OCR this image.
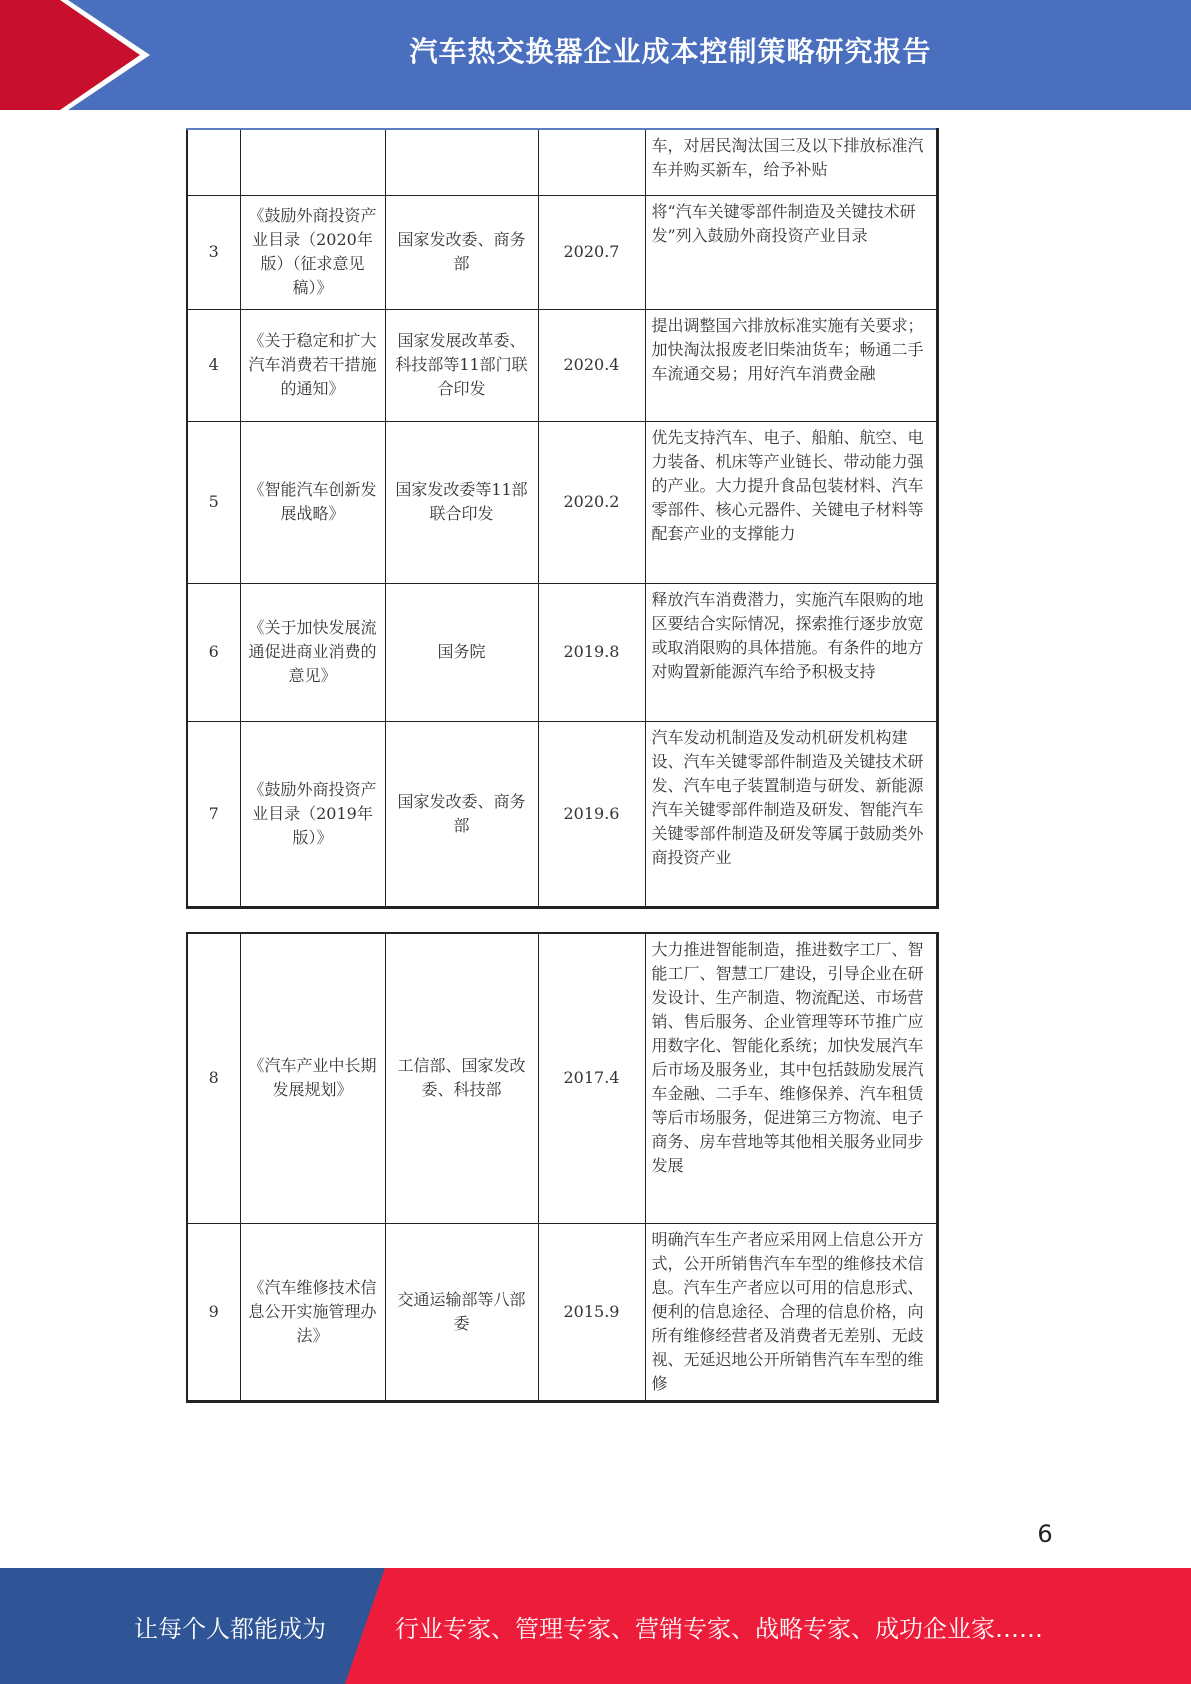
汽车热交换器企业成本控制策略研究报告
				车，对居民淘汰国三及以下排放标准汽车并购买新车，给予补贴
3	《鼓励外商投资产业目录（2020年版）（征求意见稿）》	国家发改委、商务部	2020.7	将“汽车关键零部件制造及关键技术研发”列入鼓励外商投资产业目录
4	《关于稳定和扩大汽车消费若干措施的通知》	国家发展改革委、科技部等11部门联合印发	2020.4	提出调整国六排放标准实施有关要求；加快淘汰报废老旧柴油货车；畅通二手车流通交易；用好汽车消费金融
5	《智能汽车创新发展战略》	国家发改委等11部联合印发	2020.2	优先支持汽车、电子、船舶、航空、电力装备、机床等产业链长、带动能力强的产业。大力提升食品包装材料、汽车零部件、核心元器件、关键电子材料等配套产业的支撑能力
6	《关于加快发展流通促进商业消费的意见》	国务院	2019.8	释放汽车消费潜力，实施汽车限购的地区要结合实际情况，探索推行逐步放宽或取消限购的具体措施。有条件的地方对购置新能源汽车给予积极支持
7	《鼓励外商投资产业目录（2019年版）》	国家发改委、商务部	2019.6	汽车发动机制造及发动机研发机构建设、汽车关键零部件制造及关键技术研发、汽车电子装置制造与研发、新能源汽车关键零部件制造及研发、智能汽车关键零部件制造及研发等属于鼓励类外商投资产业
8	《汽车产业中长期发展规划》	工信部、国家发改委、科技部	2017.4	大力推进智能制造，推进数字工厂、智能工厂、智慧工厂建设，引导企业在研发设计、生产制造、物流配送、市场营销、售后服务、企业管理等环节推广应用数字化、智能化系统；加快发展汽车后市场及服务业，其中包括鼓励发展汽车金融、二手车、维修保养、汽车租赁等后市场服务，促进第三方物流、电子商务、房车营地等其他相关服务业同步发展
9	《汽车维修技术信息公开实施管理办法》	交通运输部等八部委	2015.9	明确汽车生产者应采用网上信息公开方式，公开所销售汽车车型的维修技术信息。汽车生产者应以可用的信息形式、便利的信息途径、合理的信息价格，向所有维修经营者及消费者无差别、无歧视、无延迟地公开所销售汽车车型的维修
6
让每个人都能成为	行业专家、管理专家、营销专家、战略专家、成功企业家……
